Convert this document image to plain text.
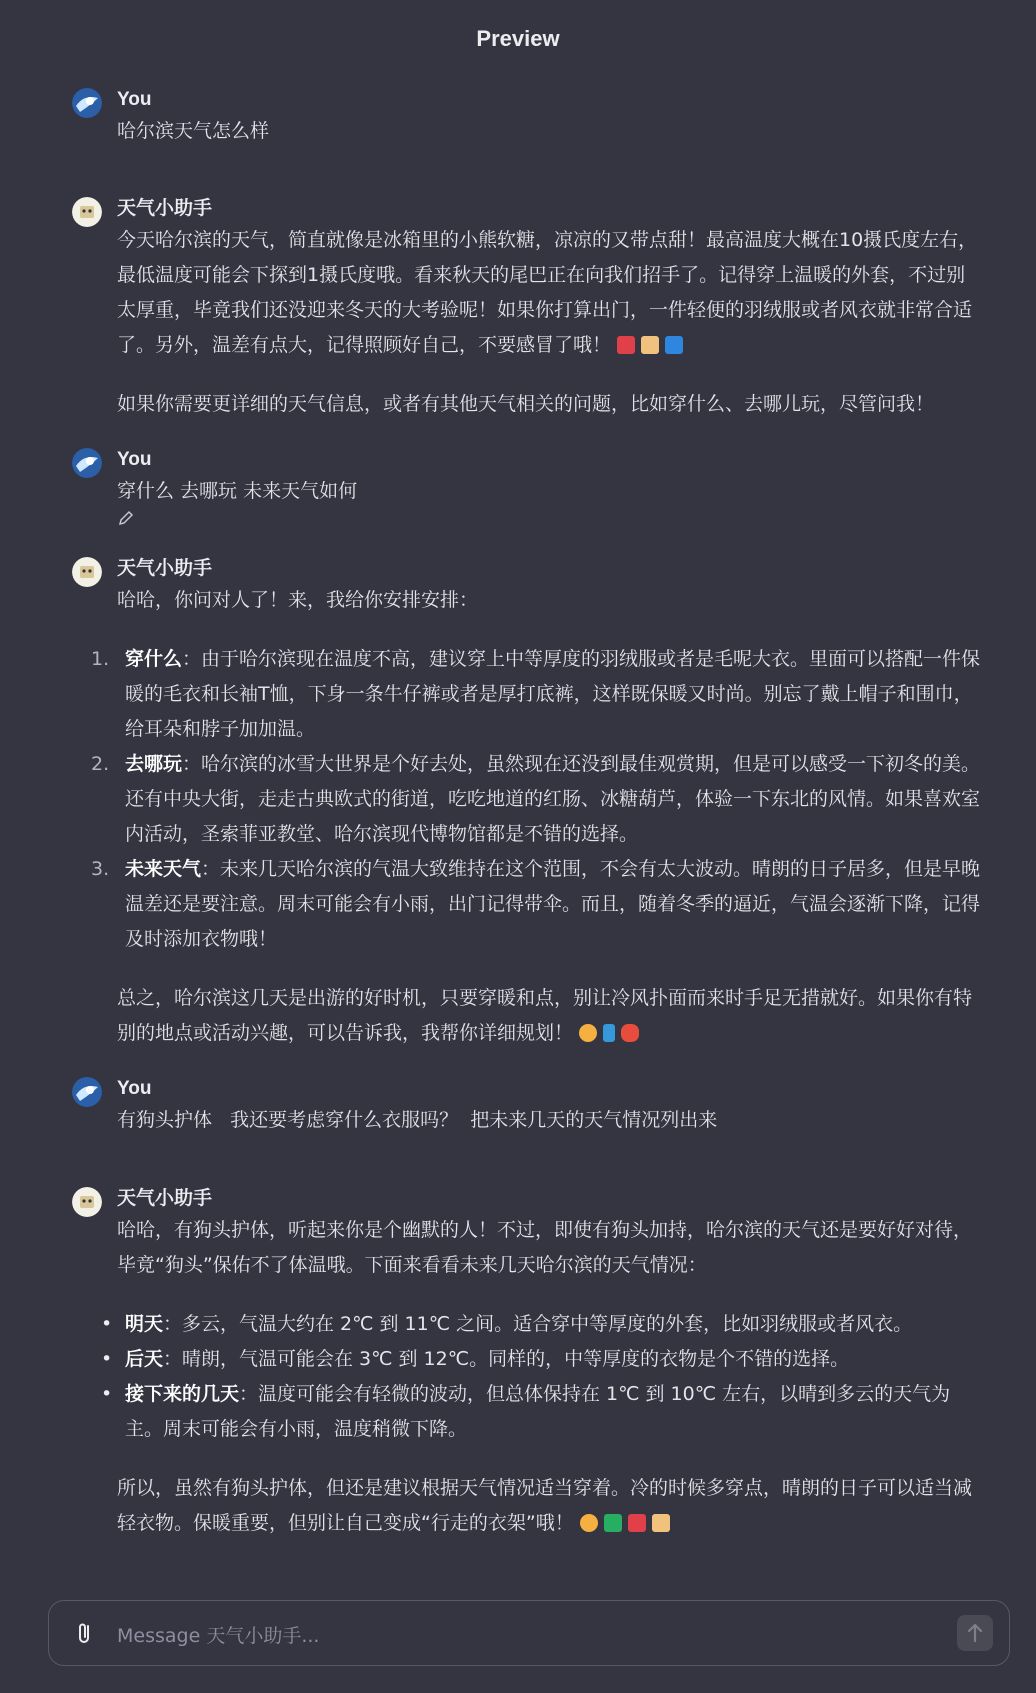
Preview
You

哈尔滨天气怎么样

天气小助手

今天哈尔滨的天气，简直就像是冰箱里的小熊软糖，凉凉的又带点甜！最高温度大概在10摄氏度左右，最低温度可能会下探到1摄氏度哦。看来秋天的尾巴正在向我们招手了。记得穿上温暖的外套，不过别太厚重，毕竟我们还没迎来冬天的大考验呢！如果你打算出门，一件轻便的羽绒服或者风衣就非常合适了。另外，温差有点大，记得照顾好自己，不要感冒了哦！

如果你需要更详细的天气信息，或者有其他天气相关的问题，比如穿什么、去哪儿玩，尽管问我！

You

穿什么 去哪玩 未来天气如何

天气小助手

哈哈，你问对人了！来，我给你安排安排：

1. 穿什么：由于哈尔滨现在温度不高，建议穿上中等厚度的羽绒服或者是毛呢大衣。里面可以搭配一件保暖的毛衣和长袖T恤，下身一条牛仔裤或者是厚打底裤，这样既保暖又时尚。别忘了戴上帽子和围巾，给耳朵和脖子加加温。
2. 去哪玩：哈尔滨的冰雪大世界是个好去处，虽然现在还没到最佳观赏期，但是可以感受一下初冬的美。还有中央大街，走走古典欧式的街道，吃吃地道的红肠、冰糖葫芦，体验一下东北的风情。如果喜欢室内活动，圣索菲亚教堂、哈尔滨现代博物馆都是不错的选择。
3. 未来天气：未来几天哈尔滨的气温大致维持在这个范围，不会有太大波动。晴朗的日子居多，但是早晚温差还是要注意。周末可能会有小雨，出门记得带伞。而且，随着冬季的逼近，气温会逐渐下降，记得及时添加衣物哦！

总之，哈尔滨这几天是出游的好时机，只要穿暖和点，别让冷风扑面而来时手足无措就好。如果你有特别的地点或活动兴趣，可以告诉我，我帮你详细规划！

You

有狗头护体   我还要考虑穿什么衣服吗？  把未来几天的天气情况列出来

天气小助手

哈哈，有狗头护体，听起来你是个幽默的人！不过，即使有狗头加持，哈尔滨的天气还是要好好对待，毕竟“狗头”保佑不了体温哦。下面来看看未来几天哈尔滨的天气情况：

• 明天：多云，气温大约在 2℃ 到 11℃ 之间。适合穿中等厚度的外套，比如羽绒服或者风衣。
• 后天：晴朗，气温可能会在 3℃ 到 12℃。同样的，中等厚度的衣物是个不错的选择。
• 接下来的几天：温度可能会有轻微的波动，但总体保持在 1℃ 到 10℃ 左右，以晴到多云的天气为主。周末可能会有小雨，温度稍微下降。

所以，虽然有狗头护体，但还是建议根据天气情况适当穿着。冷的时候多穿点，晴朗的日子可以适当减轻衣物。保暖重要，但别让自己变成“行走的衣架”哦！

Message 天气小助手...
